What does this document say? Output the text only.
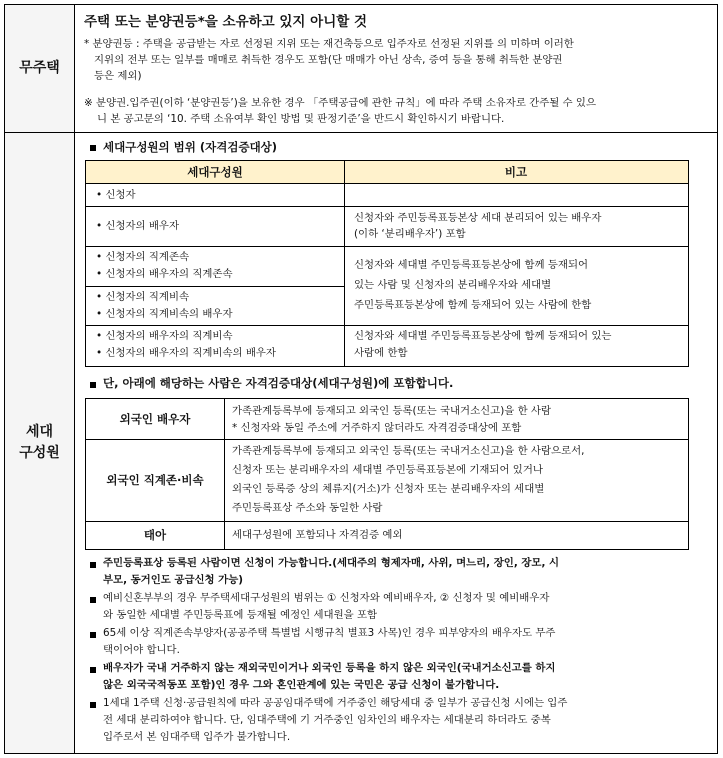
무주택
세대
구성원
주택 또는 분양권등*을 소유하고 있지 아니할 것
* 분양권등 : 주택을 공급받는 자로 선정된 지위 또는 재건축등으로 입주자로 선정된 지위를 의 미하며 이러한
지위의 전부 또는 일부를 매매로 취득한 경우도 포함(단 매매가 아닌 상속, 증여 등을 통해 취득한 분양권
등은 제외)
※ 분양권.입주권(이하 ‘분양권등’)을 보유한 경우 「주택공급에 관한 규칙」에 따라 주택 소유자로 간주될 수 있으
니 본 공고문의 ‘10. 주택 소유여부 확인 방법 및 판정기준’을 반드시 확인하시기 바랍니다.
세대구성원의 범위 (자격검증대상)
세대구성원	비고
• 신청자
• 신청자의 배우자
신청자와 주민등록표등본상 세대 분리되어 있는 배우자
(이하 ‘분리배우자’) 포함
• 신청자의 직계존속
• 신청자의 배우자의 직계존속
• 신청자의 직계비속
• 신청자의 직계비속의 배우자
신청자와 세대별 주민등록표등본상에 함께 등재되어
있는 사람 및 신청자의 분리배우자와 세대별
주민등록표등본상에 함께 등재되어 있는 사람에 한함
• 신청자의 배우자의 직계비속
• 신청자의 배우자의 직계비속의 배우자
신청자와 세대별 주민등록표등본상에 함께 등재되어 있는
사람에 한함
단, 아래에 해당하는 사람은 자격검증대상(세대구성원)에 포함합니다.
외국인 배우자
가족관계등록부에 등재되고 외국인 등록(또는 국내거소신고)을 한 사람
* 신청자와 동일 주소에 거주하지 않더라도 자격검증대상에 포함
외국인 직계존·비속
가족관계등록부에 등재되고 외국인 등록(또는 국내거소신고)을 한 사람으로서,
신청자 또는 분리배우자의 세대별 주민등록표등본에 기재되어 있거나
외국인 등록증 상의 체류지(거소)가 신청자 또는 분리배우자의 세대별
주민등록표상 주소와 동일한 사람
태아	세대구성원에 포함되나 자격검증 예외
주민등록표상 등록된 사람이면 신청이 가능합니다.(세대주의 형제자매, 사위, 며느리, 장인, 장모, 시
부모, 동거인도 공급신청 가능)
예비신혼부부의 경우 무주택세대구성원의 범위는 ① 신청자와 예비배우자, ② 신청자 및 예비배우자
와 동일한 세대별 주민등록표에 등재될 예정인 세대원을 포함
65세 이상 직계존속부양자(공공주택 특별법 시행규칙 별표3 사목)인 경우 피부양자의 배우자도 무주
택이어야 합니다.
배우자가 국내 거주하지 않는 재외국민이거나 외국인 등록을 하지 않은 외국인(국내거소신고를 하지
않은 외국국적동포 포함)인 경우 그와 혼인관계에 있는 국민은 공급 신청이 불가합니다.
1세대 1주택 신청·공급원칙에 따라 공공임대주택에 거주중인 해당세대 중 일부가 공급신청 시에는 입주
전 세대 분리하여야 합니다. 단, 임대주택에 기 거주중인 임차인의 배우자는 세대분리 하더라도 중복
입주로서 본 임대주택 입주가 불가합니다.
